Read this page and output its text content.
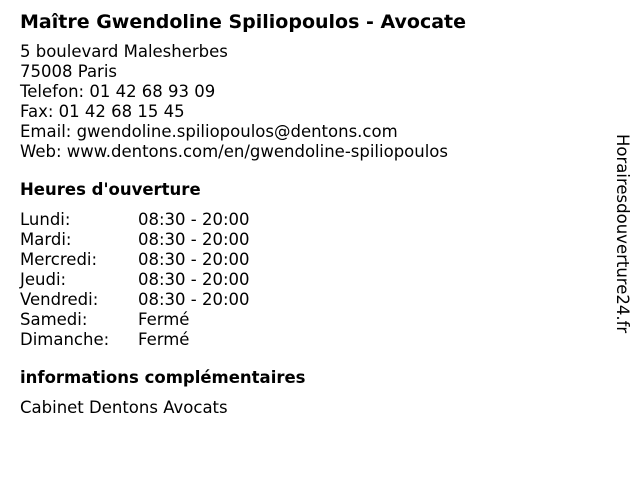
Maître Gwendoline Spiliopoulos - Avocate
5 boulevard Malesherbes
75008 Paris
Telefon: 01 42 68 93 09
Fax: 01 42 68 15 45
Email: gwendoline.spiliopoulos@dentons.com
Web: www.dentons.com/en/gwendoline-spiliopoulos
Heures d'ouverture
Lundi:	08:30 - 20:00
Mardi:	08:30 - 20:00
Mercredi: 08:30 - 20:00
Jeudi:	08:30 - 20:00
Vendredi: 08:30 - 20:00
Samedi:	Fermé
Dimanche: Fermé
informations complémentaires
Cabinet Dentons Avocats
Horairesdouverture24.fr
